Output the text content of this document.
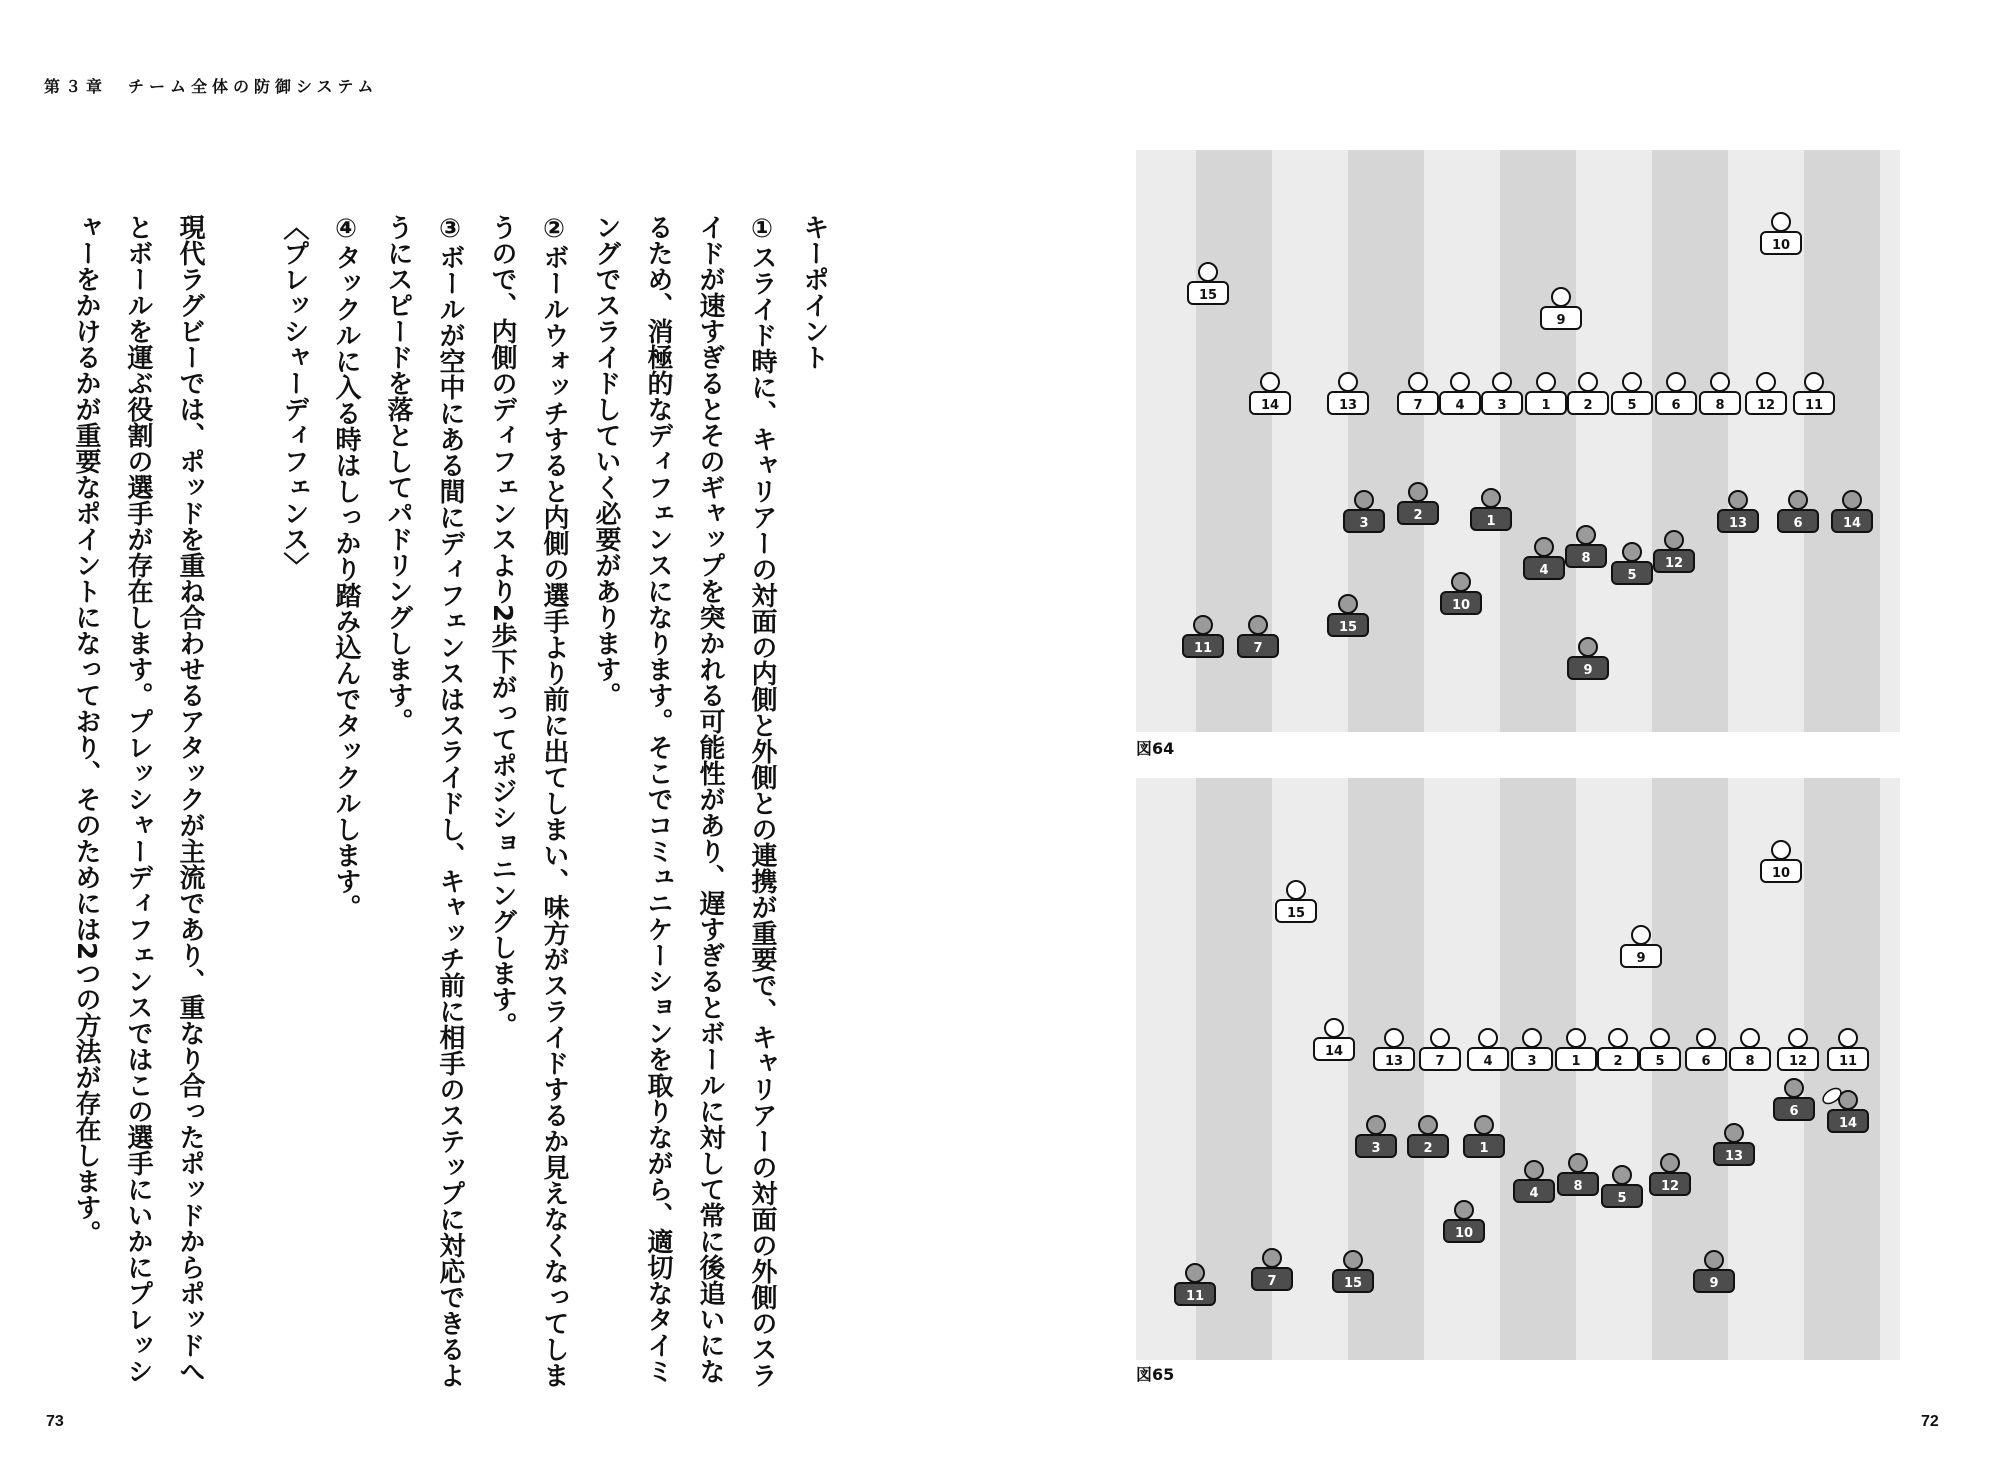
第３章　チーム全体の防御システム

キーポイント

①スライド時に、キャリアーの対面の内側と外側との連携が重要で、キャリアーの対面の外側のスライドが速すぎるとそのギャップを突かれる可能性があり、遅すぎるとボールに対して常に後追いになるため、消極的なディフェンスになります。そこでコミュニケーションを取りながら、適切なタイミングでスライドしていく必要があります。

②ボールウォッチすると内側の選手より前に出てしまい、味方がスライドするか見えなくなってしまうので、内側のディフェンスより2歩下がってポジショニングします。

③ボールが空中にある間にディフェンスはスライドし、キャッチ前に相手のステップに対応できるようにスピードを落としてパドリングします。

④タックルに入る時はしっかり踏み込んでタックルします。

〈プレッシャーディフェンス〉

現代ラグビーでは、ポッドを重ね合わせるアタックが主流であり、重なり合ったポッドからポッドへとボールを運ぶ役割の選手が存在します。プレッシャーディフェンスではこの選手にいかにプレッシャーをかけるかが重要なポイントになっており、そのためには2つの方法が存在します。	15
10
9
14	13	7	4	3	1	2	5	6	8 12 11
3
2	1
4
8
5
12
13	6	14
10
11	7
15
9
図64
15
10
9
14
13 7	4	3	1	2	5	6	8	12 11
6
14
3	2	1
4	8
5
12
13
10
9
11
7	15
図65
73	72
